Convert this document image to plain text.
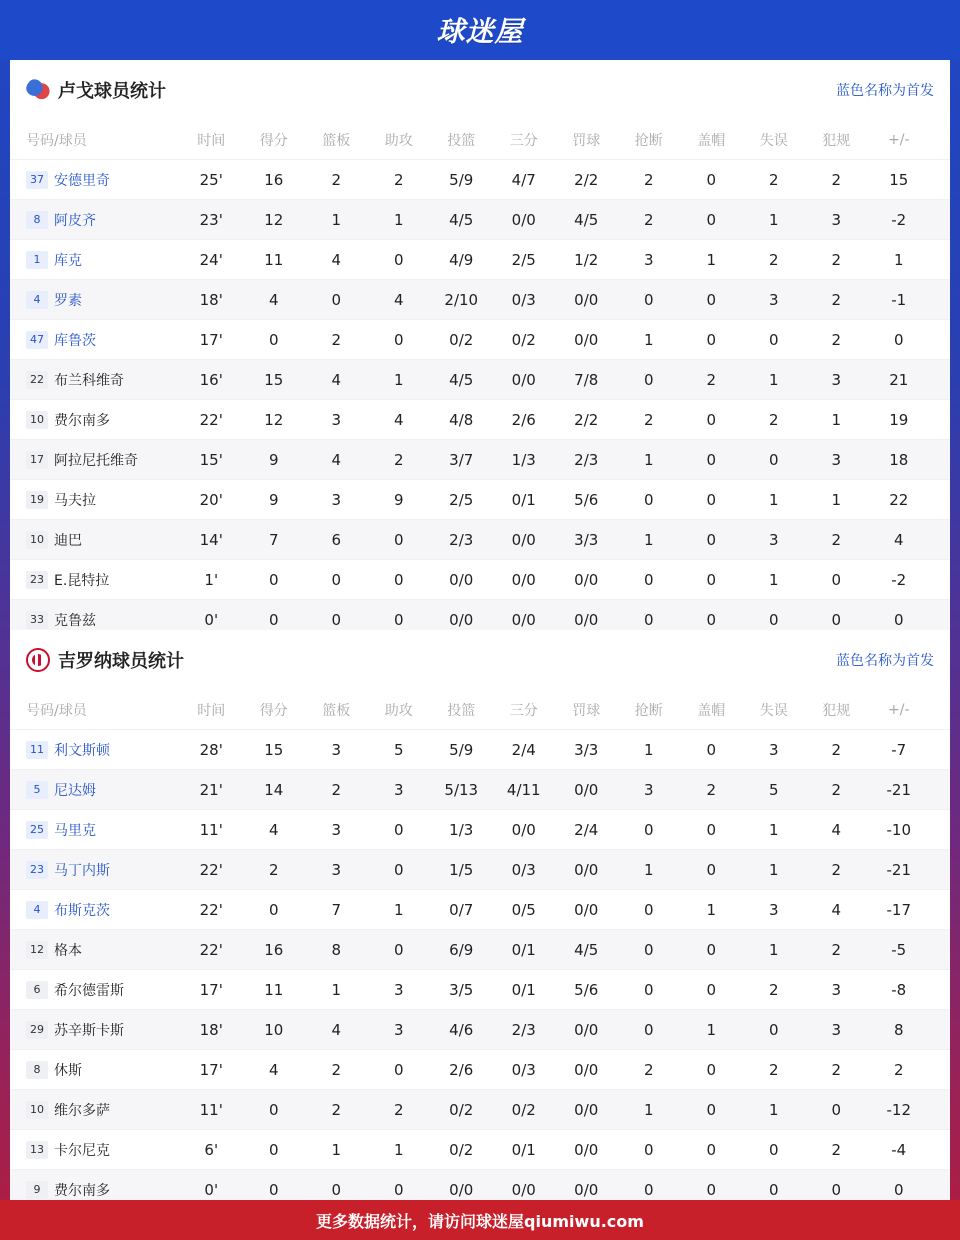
球迷屋
卢戈球员统计	蓝色名称为首发
号码/球员	时间	得分	篮板	助攻	投篮	三分	罚球	抢断	盖帽	失误	犯规	+/-
37 安德里奇	25'	16	2	2	5/9	4/7	2/2	2	0	2	2	15
8 阿皮齐	23'	12	1	1	4/5	0/0	4/5	2	0	1	3	-2
1 库克	24'	11	4	0	4/9	2/5	1/2	3	1	2	2	1
4 罗素	18'	4	0	4	2/10	0/3	0/0	0	0	3	2	-1
47 库鲁茨	17'	0	2	0	0/2	0/2	0/0	1	0	0	2	0
22 布兰科维奇	16'	15	4	1	4/5	0/0	7/8	0	2	1	3	21
10 费尔南多	22'	12	3	4	4/8	2/6	2/2	2	0	2	1	19
17 阿拉尼托维奇	15'	9	4	2	3/7	1/3	2/3	1	0	0	3	18
19 马夫拉	20'	9	3	9	2/5	0/1	5/6	0	0	1	1	22
10 迪巴	14'	7	6	0	2/3	0/0	3/3	1	0	3	2	4
23 E.昆特拉	1'	0	0	0	0/0	0/0	0/0	0	0	1	0	-2
33 克鲁兹	0'	0	0	0	0/0	0/0	0/0	0	0	0	0	0
吉罗纳球员统计	蓝色名称为首发
号码/球员	时间	得分	篮板	助攻	投篮	三分	罚球	抢断	盖帽	失误	犯规	+/-
11 利文斯顿	28'	15	3	5	5/9	2/4	3/3	1	0	3	2	-7
5 尼达姆	21'	14	2	3	5/13	4/11	0/0	3	2	5	2	-21
25 马里克	11'	4	3	0	1/3	0/0	2/4	0	0	1	4	-10
23 马丁内斯	22'	2	3	0	1/5	0/3	0/0	1	0	1	2	-21
4 布斯克茨	22'	0	7	1	0/7	0/5	0/0	0	1	3	4	-17
12 格本	22'	16	8	0	6/9	0/1	4/5	0	0	1	2	-5
6 希尔德雷斯	17'	11	1	3	3/5	0/1	5/6	0	0	2	3	-8
29 苏辛斯卡斯	18'	10	4	3	4/6	2/3	0/0	0	1	0	3	8
8 休斯	17'	4	2	0	2/6	0/3	0/0	2	0	2	2	2
10 维尔多萨	11'	0	2	2	0/2	0/2	0/0	1	0	1	0	-12
13 卡尔尼克	6'	0	1	1	0/2	0/1	0/0	0	0	0	2	-4
9 费尔南多	0'	0	0	0	0/0	0/0	0/0	0	0	0	0	0
更多数据统计，请访问球迷屋qiumiwu.com
